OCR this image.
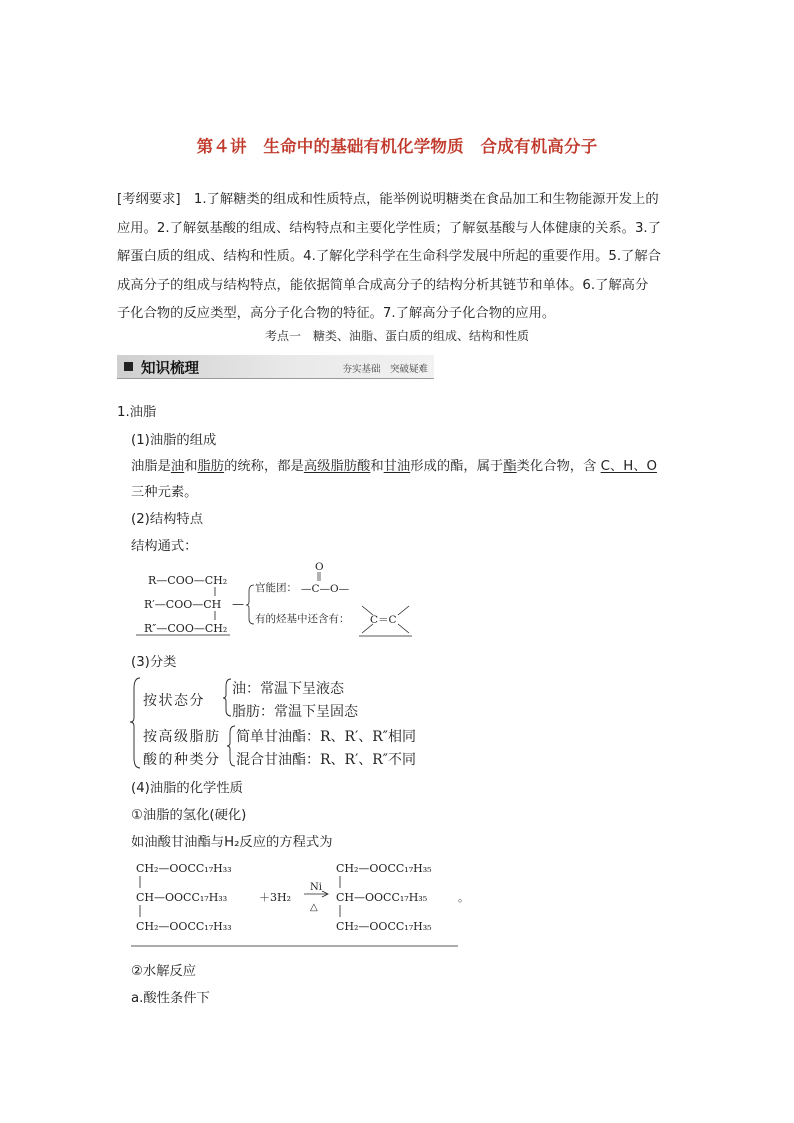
第４讲　生命中的基础有机化学物质　合成有机高分子

[考纲要求]　1.了解糖类的组成和性质特点，能举例说明糖类在食品加工和生物能源开发上的

应用。2.了解氨基酸的组成、结构特点和主要化学性质；了解氨基酸与人体健康的关系。3.了

解蛋白质的组成、结构和性质。4.了解化学科学在生命科学发展中所起的重要作用。5.了解合

成高分子的组成与结构特点，能依据简单合成高分子的结构分析其链节和单体。6.了解高分

子化合物的反应类型，高分子化合物的特征。7.了解高分子化合物的应用。

考点一　糖类、油脂、蛋白质的组成、结构和性质
知识梳理	夯实基础　突破疑难
1.油脂
(1)油脂的组成
油脂是油和脂肪的统称，都是高级脂肪酸和甘油形成的酯，属于酯类化合物，含 C、H、O
三种元素。
(2)结构特点
结构通式：
R—COO—CH₂
R′—COO—CH
R″—COO—CH₂
—
官能团：
O
—C—O—
有的烃基中还含有： C＝C
(3)分类
按状态分
油：常温下呈液态
脂肪：常温下呈固态
按高级脂肪
酸的种类分
简单甘油酯：R、R′、R″相同
混合甘油酯：R、R′、R″不同
(4)油脂的化学性质
①油脂的氢化(硬化)
如油酸甘油酯与H₂反应的方程式为
CH₂—OOCC₁₇H₃₃
CH—OOCC₁₇H₃₃
CH₂—OOCC₁₇H₃₃
＋3H₂
Ni
△
CH₂—OOCC₁₇H₃₅
CH—OOCC₁₇H₃₅
CH₂—OOCC₁₇H₃₅
。
②水解反应
a.酸性条件下
